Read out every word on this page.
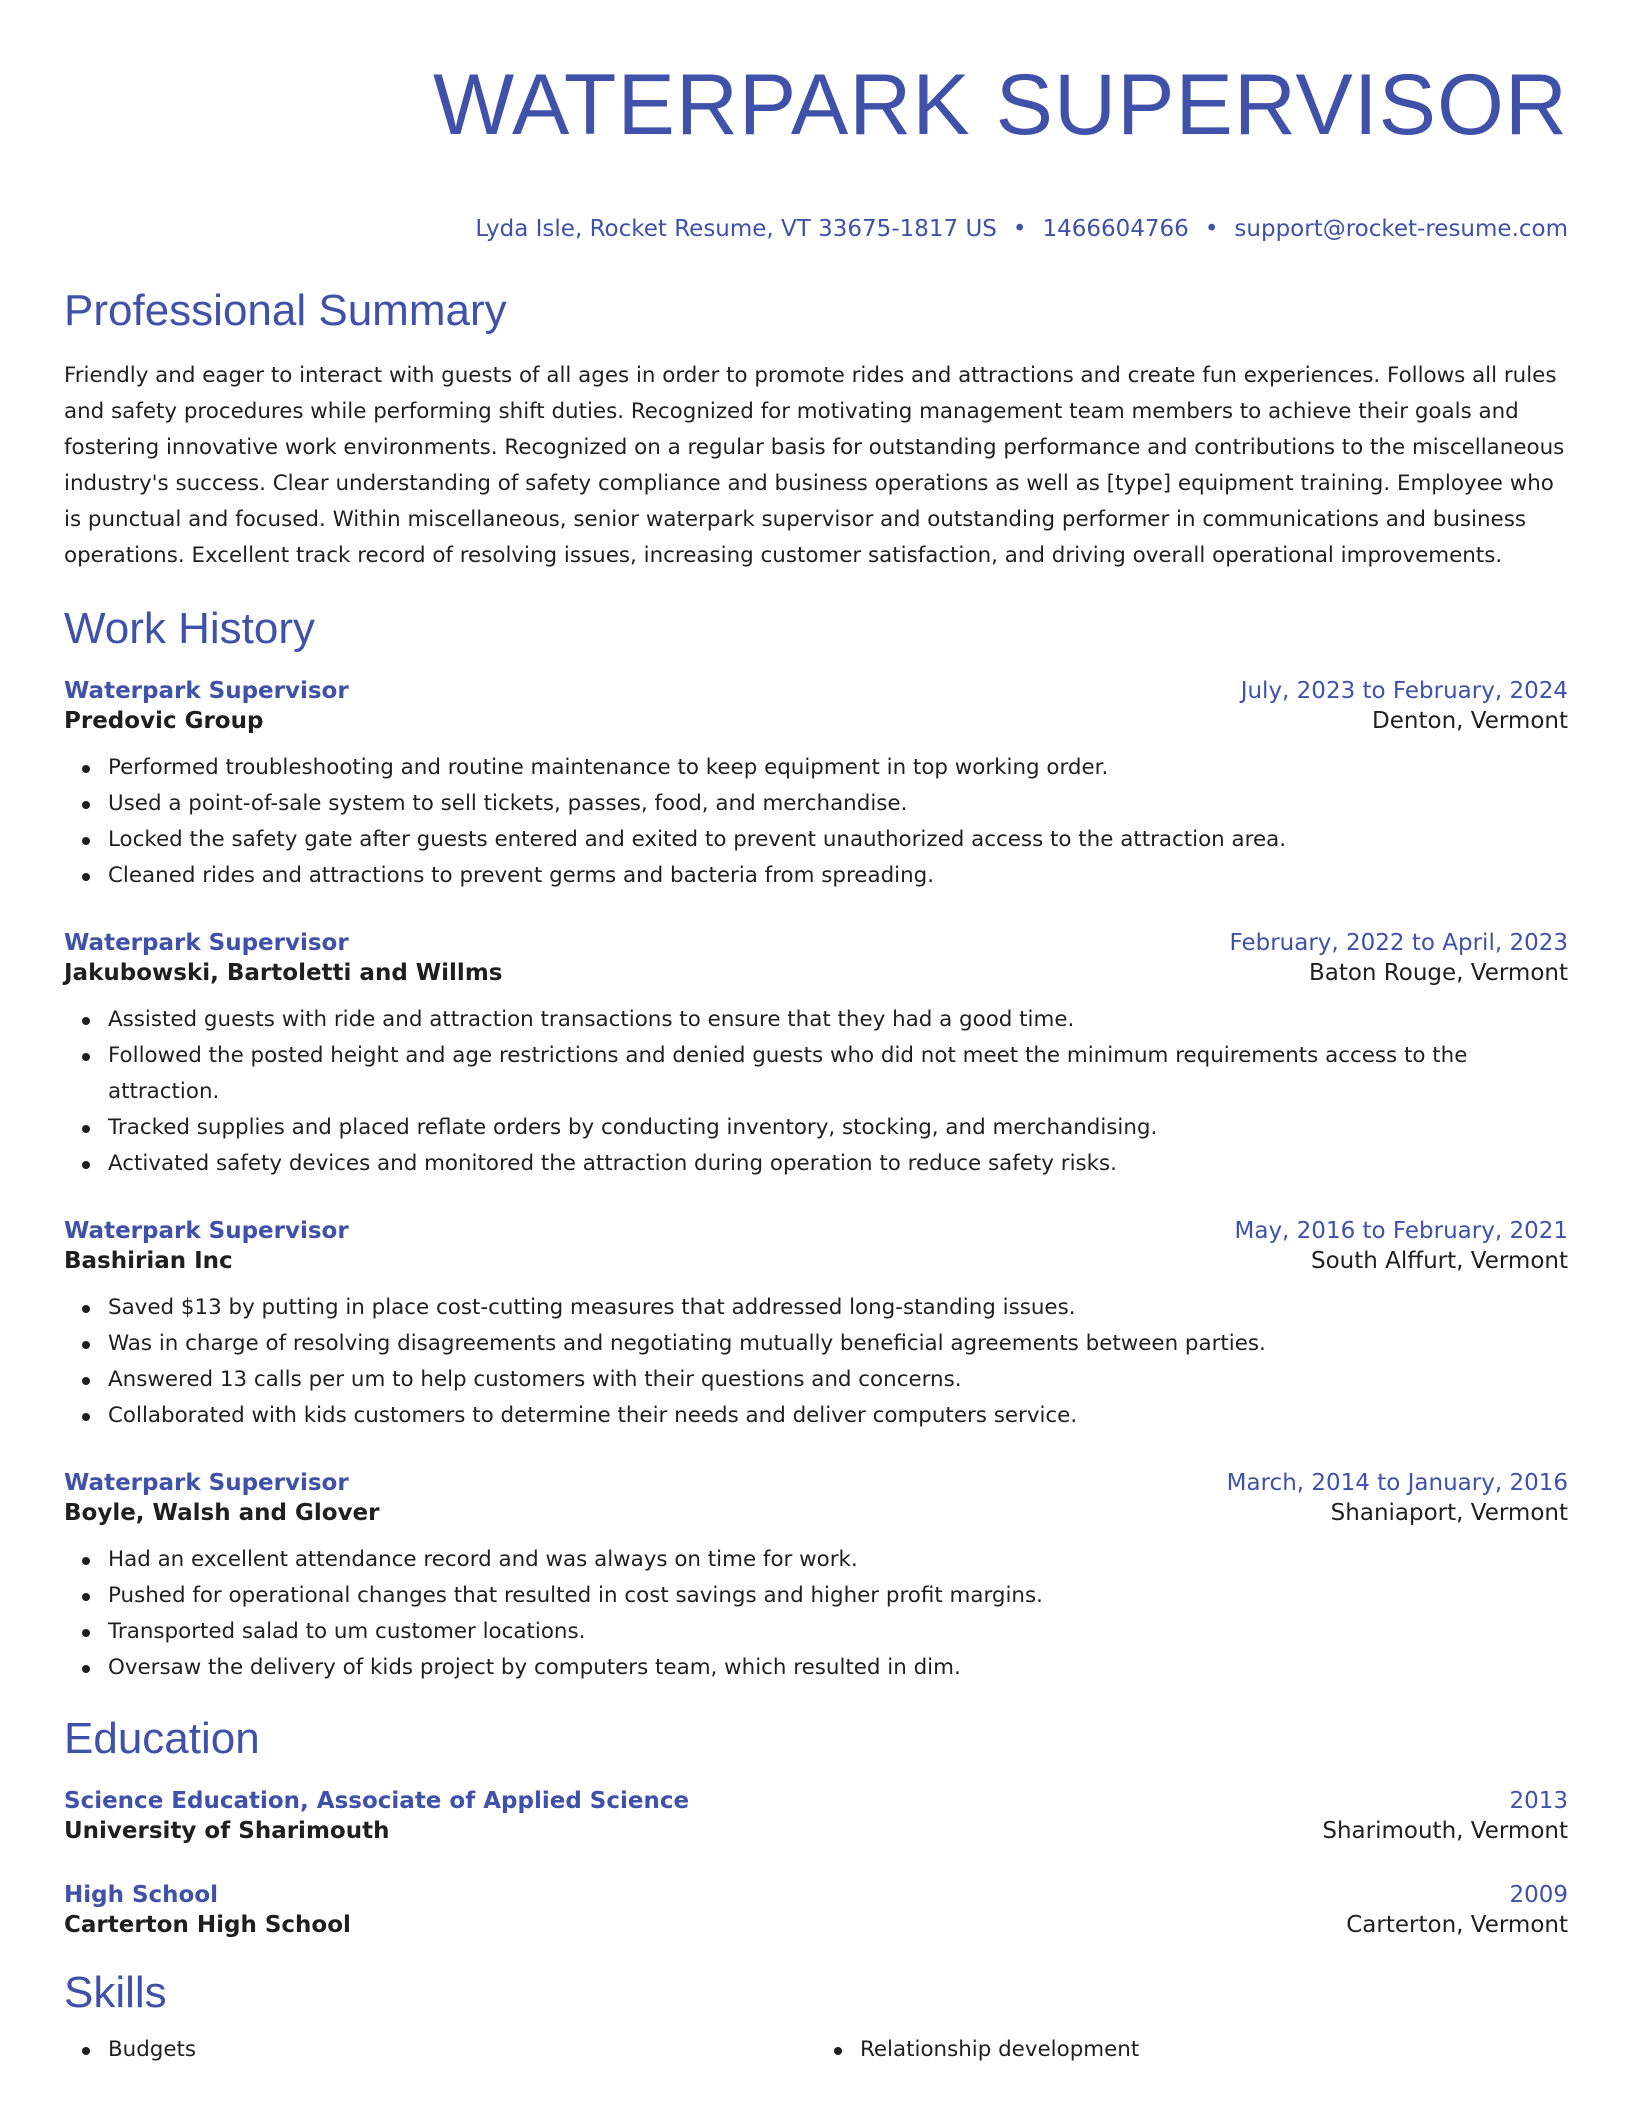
WATERPARK SUPERVISOR
Lyda Isle, Rocket Resume, VT 33675-1817 US • 1466604766 • support@rocket-resume.com
Professional Summary

Friendly and eager to interact with guests of all ages in order to promote rides and attractions and create fun experiences. Follows all rules and safety procedures while performing shift duties. Recognized for motivating management team members to achieve their goals and fostering innovative work environments. Recognized on a regular basis for outstanding performance and contributions to the miscellaneous industry's success. Clear understanding of safety compliance and business operations as well as [type] equipment training. Employee who is punctual and focused. Within miscellaneous, senior waterpark supervisor and outstanding performer in communications and business operations. Excellent track record of resolving issues, increasing customer satisfaction, and driving overall operational improvements.

Work History
Waterpark Supervisor	July, 2023 to February, 2024
Predovic Group	Denton, Vermont
Performed troubleshooting and routine maintenance to keep equipment in top working order.
Used a point-of-sale system to sell tickets, passes, food, and merchandise.
Locked the safety gate after guests entered and exited to prevent unauthorized access to the attraction area.
Cleaned rides and attractions to prevent germs and bacteria from spreading.
Waterpark Supervisor	February, 2022 to April, 2023
Jakubowski, Bartoletti and Willms	Baton Rouge, Vermont
Assisted guests with ride and attraction transactions to ensure that they had a good time.
Followed the posted height and age restrictions and denied guests who did not meet the minimum requirements access to the attraction.
Tracked supplies and placed reflate orders by conducting inventory, stocking, and merchandising.
Activated safety devices and monitored the attraction during operation to reduce safety risks.
Waterpark Supervisor	May, 2016 to February, 2021
Bashirian Inc	South Alffurt, Vermont
Saved $13 by putting in place cost-cutting measures that addressed long-standing issues.
Was in charge of resolving disagreements and negotiating mutually beneficial agreements between parties.
Answered 13 calls per um to help customers with their questions and concerns.
Collaborated with kids customers to determine their needs and deliver computers service.
Waterpark Supervisor	March, 2014 to January, 2016
Boyle, Walsh and Glover	Shaniaport, Vermont
Had an excellent attendance record and was always on time for work.
Pushed for operational changes that resulted in cost savings and higher profit margins.
Transported salad to um customer locations.
Oversaw the delivery of kids project by computers team, which resulted in dim.
Education
Science Education, Associate of Applied Science	2013
University of Sharimouth	Sharimouth, Vermont
High School	2009
Carterton High School	Carterton, Vermont
Skills
Budgets	Relationship development
